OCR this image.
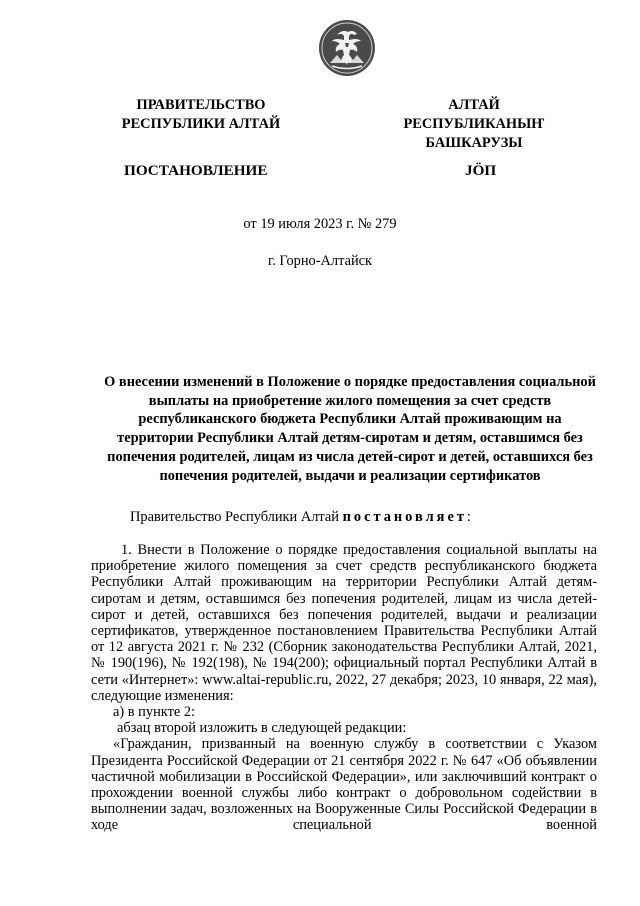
ПРАВИТЕЛЬСТВО
РЕСПУБЛИКИ АЛТАЙ
АЛТАЙ РЕСПУБЛИКАНЫҤ
БАШКАРУЗЫ
ПОСТАНОВЛЕНИЕ	JÖП
от 19 июля 2023 г. № 279
г. Горно-Алтайск
О внесении изменений в Положение о порядке предоставления социальной выплаты на приобретение жилого помещения за счет средств республиканского бюджета Республики Алтай проживающим на территории Республики Алтай детям-сиротам и детям, оставшимся без попечения родителей, лицам из числа детей-сирот и детей, оставшихся без попечения родителей, выдачи и реализации сертификатов
Правительство Республики Алтай постановляет:

1. Внести в Положение о порядке предоставления социальной выплаты на приобретение жилого помещения за счет средств республиканского бюджета Республики Алтай проживающим на территории Республики Алтай детям-сиротам и детям, оставшимся без попечения родителей, лицам из числа детей-сирот и детей, оставшихся без попечения родителей, выдачи и реализации сертификатов, утвержденное постановлением Правительства Республики Алтай от 12 августа 2021 г. № 232 (Сборник законодательства Республики Алтай, 2021, № 190(196), № 192(198), № 194(200); официальный портал Республики Алтай в сети «Интернет»: www.altai-republic.ru, 2022, 27 декабря; 2023, 10 января, 22 мая), следующие изменения:

а) в пункте 2:

абзац второй изложить в следующей редакции:

«Гражданин, призванный на военную службу в соответствии с Указом Президента Российской Федерации от 21 сентября 2022 г. № 647 «Об объявлении частичной мобилизации в Российской Федерации», или заключивший контракт о прохождении военной службы либо контракт о добровольном содействии в выполнении задач, возложенных на Вооруженные Силы Российской Федерации в ходе специальной военной
